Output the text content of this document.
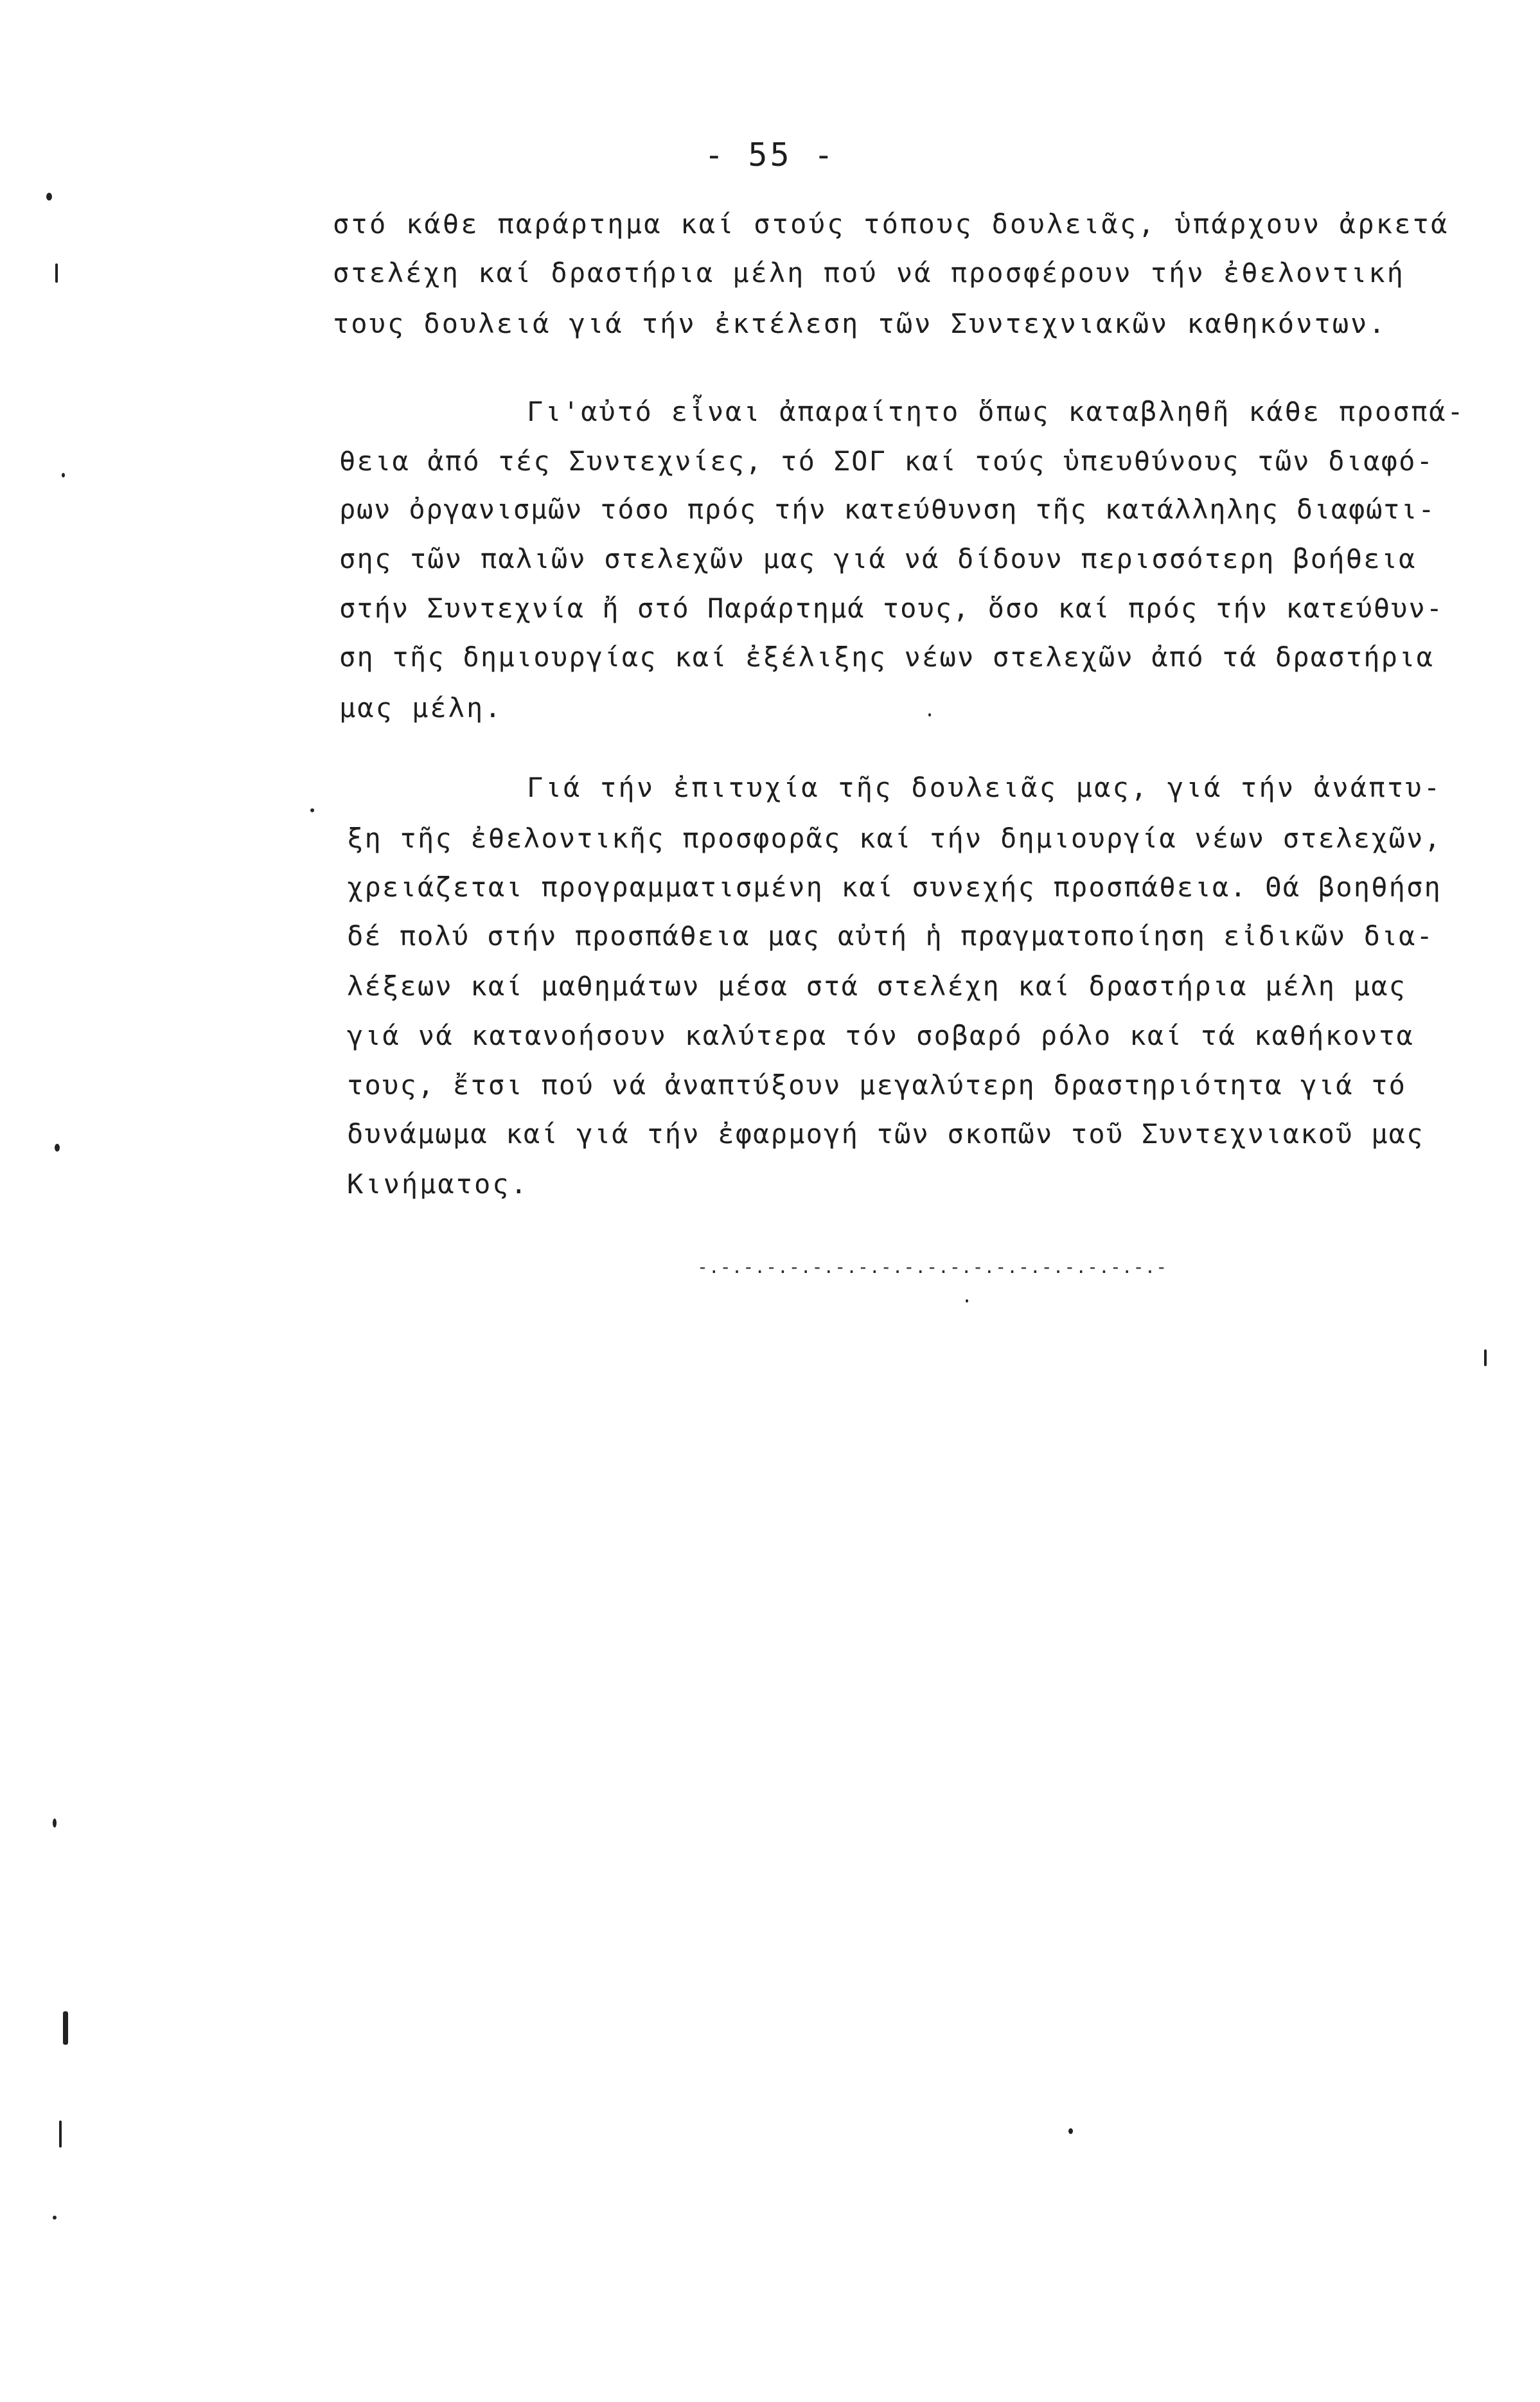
- 55 -
στό κάθε παράρτημα καί στούς τόπους δουλειᾶς, ὑπάρχουν ἀρκετά
στελέχη καί δραστήρια μέλη πού νά προσφέρουν τήν ἐθελοντική
τους δουλειά γιά τήν ἐκτέλεση τῶν Συντεχνιακῶν καθηκόντων.
Γι'αὐτό εἶναι ἀπαραίτητο ὅπως καταβληθῆ κάθε προσπά-
θεια ἀπό τές Συντεχνίες, τό ΣΟΓ καί τούς ὑπευθύνους τῶν διαφό-
ρων ὀργανισμῶν τόσο πρός τήν κατεύθυνση τῆς κατάλληλης διαφώτι-
σης τῶν παλιῶν στελεχῶν μας γιά νά δίδουν περισσότερη βοήθεια
στήν Συντεχνία ἤ στό Παράρτημά τους, ὅσο καί πρός τήν κατεύθυν-
ση τῆς δημιουργίας καί ἐξέλιξης νέων στελεχῶν ἀπό τά δραστήρια
μας μέλη.
Γιά τήν ἐπιτυχία τῆς δουλειᾶς μας, γιά τήν ἀνάπτυ-
ξη τῆς ἐθελοντικῆς προσφορᾶς καί τήν δημιουργία νέων στελεχῶν,
χρειάζεται προγραμματισμένη καί συνεχής προσπάθεια. Θά βοηθήση
δέ πολύ στήν προσπάθεια μας αὐτή ἡ πραγματοποίηση εἰδικῶν δια-
λέξεων καί μαθημάτων μέσα στά στελέχη καί δραστήρια μέλη μας
γιά νά κατανοήσουν καλύτερα τόν σοβαρό ρόλο καί τά καθήκοντα
τους, ἔτσι πού νά ἀναπτύξουν μεγαλύτερη δραστηριότητα γιά τό
δυνάμωμα καί γιά τήν ἐφαρμογή τῶν σκοπῶν τοῦ Συντεχνιακοῦ μας
Κινήματος.
-.-.-.-.-.-.-.-.-.-.-.-.-.-.-.-.-.-.-.-.-
